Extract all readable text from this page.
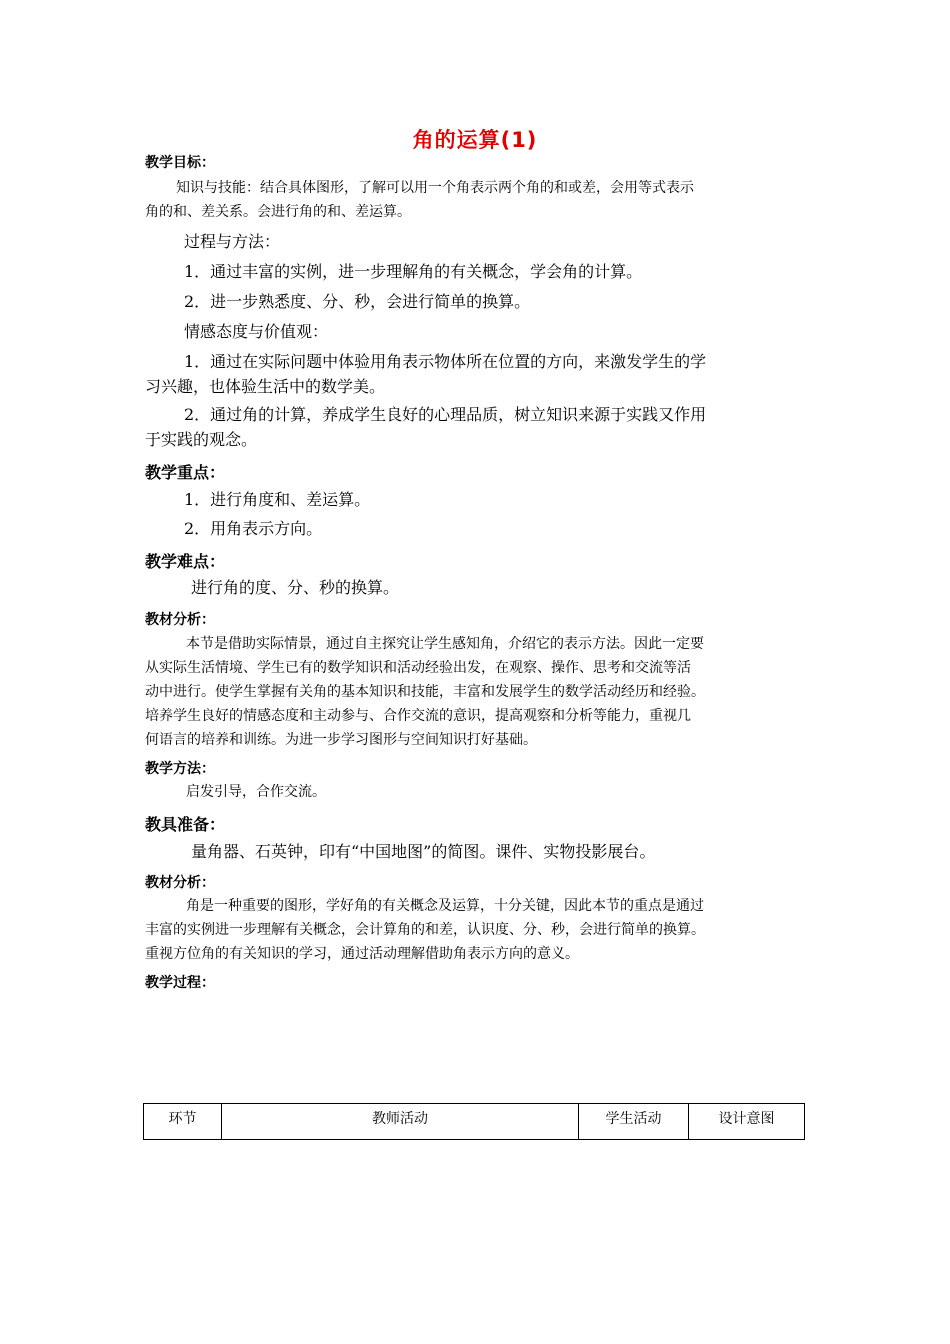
角的运算(1)
教学目标：
知识与技能：结合具体图形，了解可以用一个角表示两个角的和或差，会用等式表示
角的和、差关系。会进行角的和、差运算。
过程与方法：
1．通过丰富的实例，进一步理解角的有关概念，学会角的计算。
2．进一步熟悉度、分、秒，会进行简单的换算。
情感态度与价值观：
1．通过在实际问题中体验用角表示物体所在位置的方向，来激发学生的学
习兴趣，也体验生活中的数学美。
2．通过角的计算，养成学生良好的心理品质，树立知识来源于实践又作用
于实践的观念。
教学重点：
1．进行角度和、差运算。
2．用角表示方向。
教学难点：
进行角的度、分、秒的换算。
教材分析：
本节是借助实际情景，通过自主探究让学生感知角，介绍它的表示方法。因此一定要
从实际生活情境、学生已有的数学知识和活动经验出发，在观察、操作、思考和交流等活
动中进行。使学生掌握有关角的基本知识和技能，丰富和发展学生的数学活动经历和经验。
培养学生良好的情感态度和主动参与、合作交流的意识，提高观察和分析等能力，重视几
何语言的培养和训练。为进一步学习图形与空间知识打好基础。
教学方法：
启发引导，合作交流。
教具准备：
量角器、石英钟，印有“中国地图”的简图。课件、实物投影展台。
教材分析：
角是一种重要的图形，学好角的有关概念及运算，十分关键，因此本节的重点是通过
丰富的实例进一步理解有关概念，会计算角的和差，认识度、分、秒，会进行简单的换算。
重视方位角的有关知识的学习，通过活动理解借助角表示方向的意义。
教学过程：
环节	教师活动	学生活动	设计意图
